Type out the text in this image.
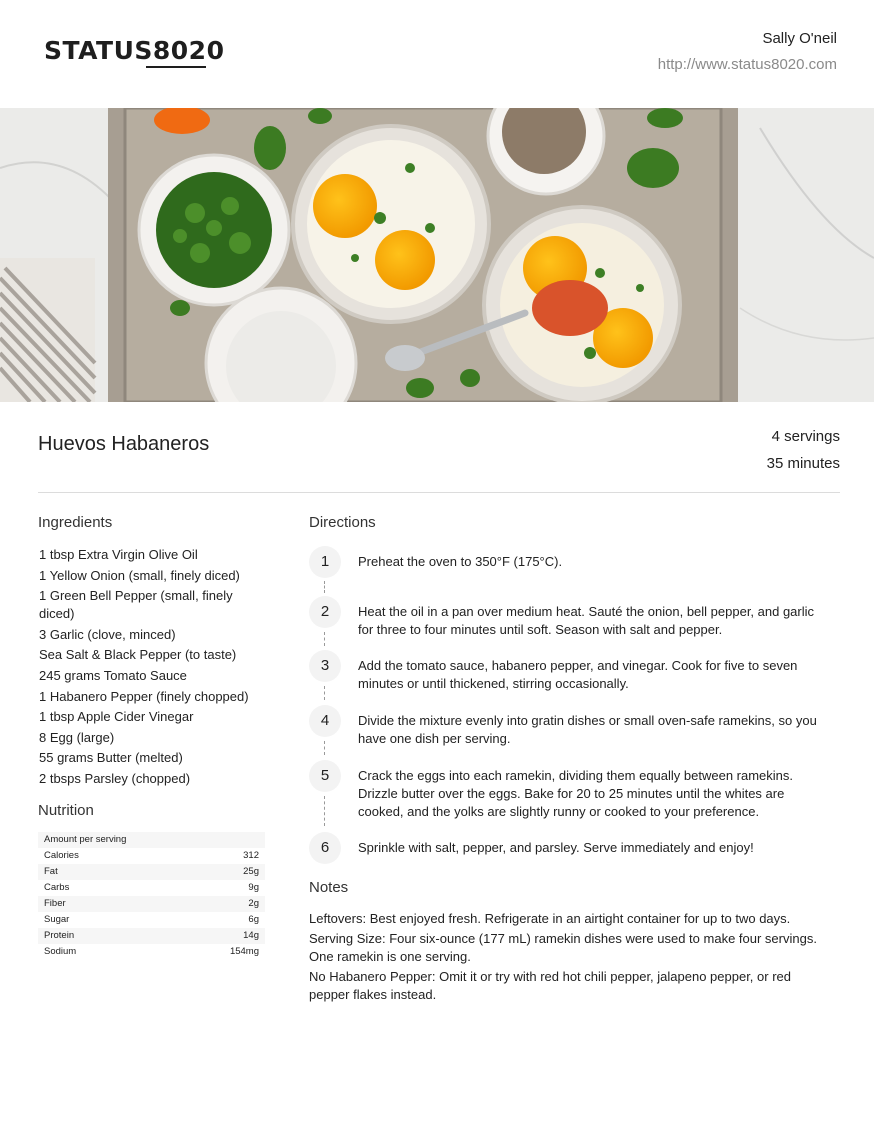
STATUS8020	Sally O'neil
http://www.status8020.com
Huevos Habaneros	4 servings
35 minutes
Ingredients
1 tbsp Extra Virgin Olive Oil
1 Yellow Onion (small, finely diced)
1 Green Bell Pepper (small, finely diced)
3 Garlic (clove, minced)
Sea Salt & Black Pepper (to taste)
245 grams Tomato Sauce
1 Habanero Pepper (finely chopped)
1 tbsp Apple Cider Vinegar
8 Egg (large)
55 grams Butter (melted)
2 tbsps Parsley (chopped)
Nutrition
Amount per serving	
Calories	312
Fat	25g
Carbs	9g
Fiber	2g
Sugar	6g
Protein	14g
Sodium	154mg
Directions
1	Preheat the oven to 350°F (175°C).
2	Heat the oil in a pan over medium heat. Sauté the onion, bell pepper, and garlic for three to four minutes until soft. Season with salt and pepper.
3	Add the tomato sauce, habanero pepper, and vinegar. Cook for five to seven minutes or until thickened, stirring occasionally.
4	Divide the mixture evenly into gratin dishes or small oven-safe ramekins, so you have one dish per serving.
5	Crack the eggs into each ramekin, dividing them equally between ramekins. Drizzle butter over the eggs. Bake for 20 to 25 minutes until the whites are cooked, and the yolks are slightly runny or cooked to your preference.
6	Sprinkle with salt, pepper, and parsley. Serve immediately and enjoy!
Notes

Leftovers: Best enjoyed fresh. Refrigerate in an airtight container for up to two days.

Serving Size: Four six-ounce (177 mL) ramekin dishes were used to make four servings. One ramekin is one serving.

No Habanero Pepper: Omit it or try with red hot chili pepper, jalapeno pepper, or red pepper flakes instead.
